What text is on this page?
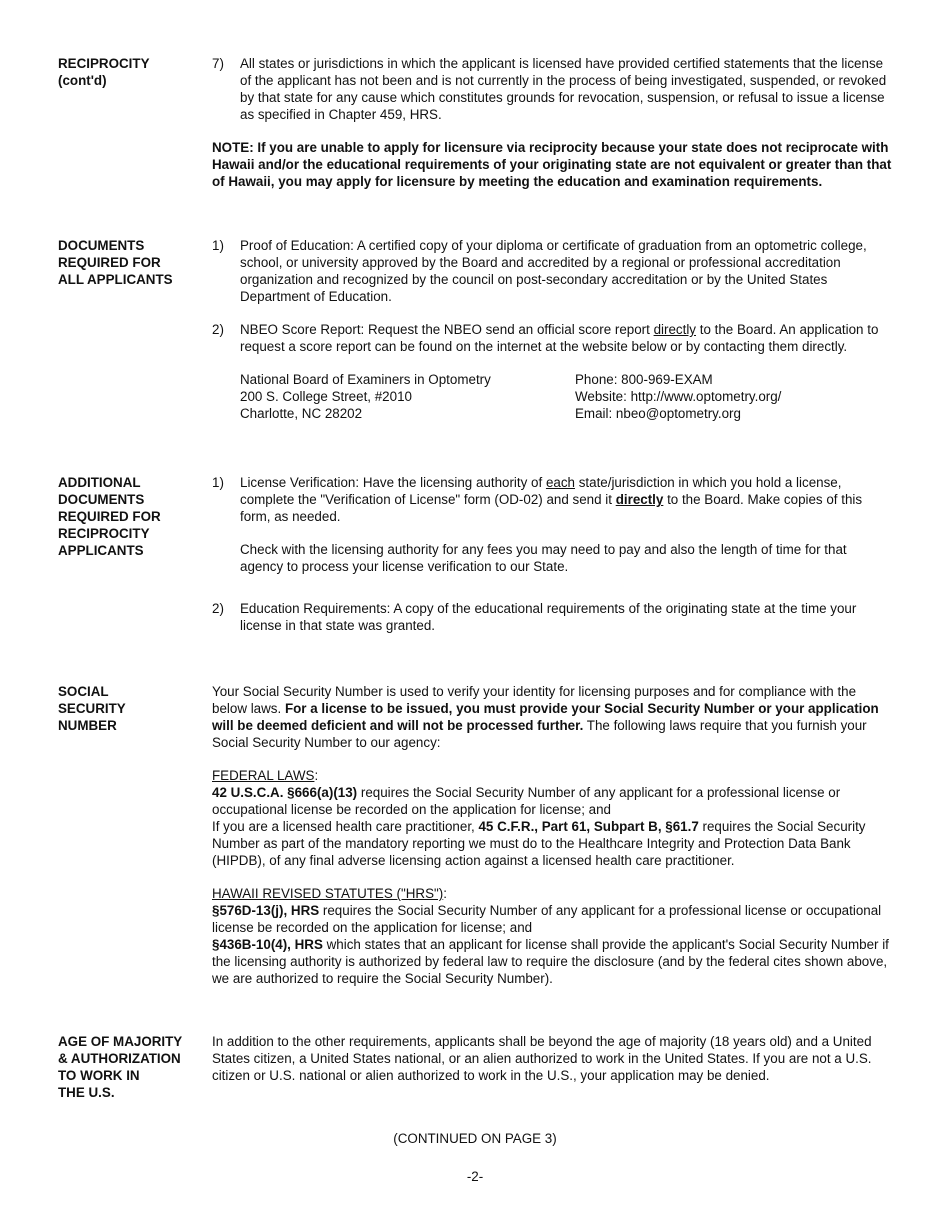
RECIPROCITY
(cont'd)
7) All states or jurisdictions in which the applicant is licensed have provided certified statements that the license of the applicant has not been and is not currently in the process of being investigated, suspended, or revoked by that state for any cause which constitutes grounds for revocation, suspension, or refusal to issue a license as specified in Chapter 459, HRS.
NOTE: If you are unable to apply for licensure via reciprocity because your state does not reciprocate with Hawaii and/or the educational requirements of your originating state are not equivalent or greater than that of Hawaii, you may apply for licensure by meeting the education and examination requirements.
DOCUMENTS
REQUIRED FOR
ALL APPLICANTS
1) Proof of Education: A certified copy of your diploma or certificate of graduation from an optometric college, school, or university approved by the Board and accredited by a regional or professional accreditation organization and recognized by the council on post-secondary accreditation or by the United States Department of Education.
2) NBEO Score Report: Request the NBEO send an official score report directly to the Board. An application to request a score report can be found on the internet at the website below or by contacting them directly.
National Board of Examiners in Optometry
200 S. College Street, #2010
Charlotte, NC 28202
Phone: 800-969-EXAM
Website: http://www.optometry.org/
Email: nbeo@optometry.org
ADDITIONAL
DOCUMENTS
REQUIRED FOR
RECIPROCITY
APPLICANTS
1) License Verification: Have the licensing authority of each state/jurisdiction in which you hold a license, complete the "Verification of License" form (OD-02) and send it directly to the Board. Make copies of this form, as needed.
Check with the licensing authority for any fees you may need to pay and also the length of time for that agency to process your license verification to our State.
2) Education Requirements: A copy of the educational requirements of the originating state at the time your license in that state was granted.
SOCIAL
SECURITY
NUMBER
Your Social Security Number is used to verify your identity for licensing purposes and for compliance with the below laws. For a license to be issued, you must provide your Social Security Number or your application will be deemed deficient and will not be processed further. The following laws require that you furnish your Social Security Number to our agency:

FEDERAL LAWS:

42 U.S.C.A. §666(a)(13) requires the Social Security Number of any applicant for a professional license or occupational license be recorded on the application for license; and

If you are a licensed health care practitioner, 45 C.F.R., Part 61, Subpart B, §61.7 requires the Social Security Number as part of the mandatory reporting we must do to the Healthcare Integrity and Protection Data Bank (HIPDB), of any final adverse licensing action against a licensed health care practitioner.

HAWAII REVISED STATUTES ("HRS"):

§576D-13(j), HRS requires the Social Security Number of any applicant for a professional license or occupational license be recorded on the application for license; and

§436B-10(4), HRS which states that an applicant for license shall provide the applicant's Social Security Number if the licensing authority is authorized by federal law to require the disclosure (and by the federal cites shown above, we are authorized to require the Social Security Number).

AGE OF MAJORITY
& AUTHORIZATION
TO WORK IN
THE U.S.
In addition to the other requirements, applicants shall be beyond the age of majority (18 years old) and a United States citizen, a United States national, or an alien authorized to work in the United States. If you are not a U.S. citizen or U.S. national or alien authorized to work in the U.S., your application may be denied.
(CONTINUED ON PAGE 3)
-2-
